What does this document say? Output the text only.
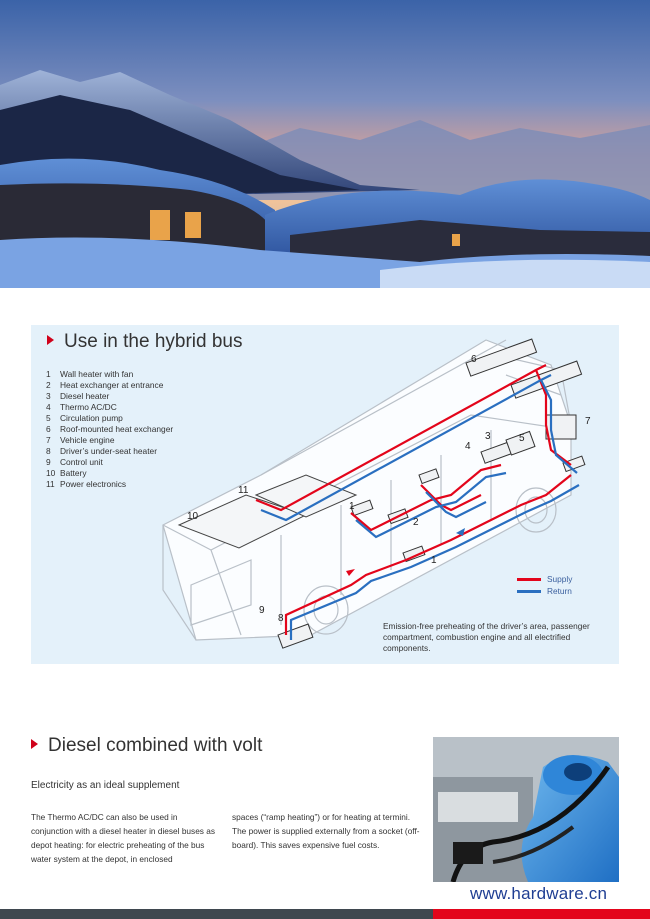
Use in the hybrid bus
1	Wall heater with fan
2	Heat exchanger at entrance
3	Diesel heater
4	Thermo AC/DC
5	Circulation pump
6	Roof-mounted heat exchanger
7	Vehicle engine
8	Driver’s under-seat heater
9	Control unit
10 Battery
11 Power electronics
6
7
3
4
5
11
10
1
2
1
9
8
Supply
Return
Emission-free preheating of the driver’s area, passenger compartment, combustion engine and all electrified components.
Diesel combined with volt
Electricity as an ideal supplement
The Thermo AC/DC can also be used in conjunction with a diesel heater in diesel buses as depot heating: for electric preheating of the bus water system at the depot, in enclosed
spaces (“ramp heating”) or for heating at termini.
The power is supplied externally from a socket (off-board). This saves expensive fuel costs.
www.hardware.cn
